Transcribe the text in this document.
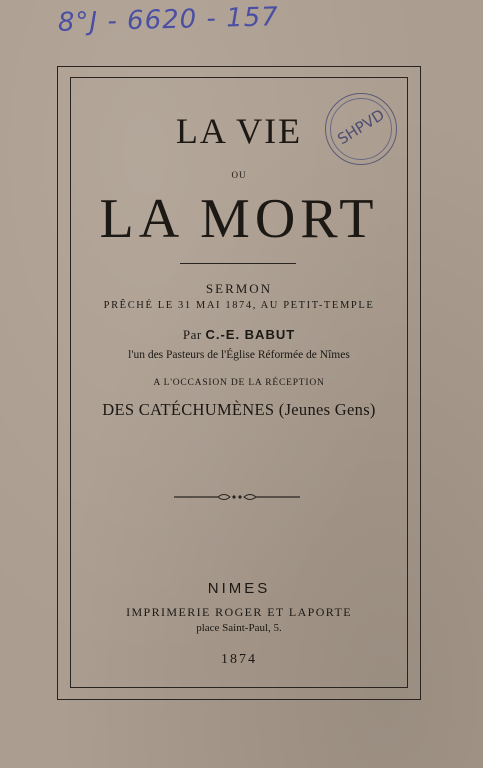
8°J - 6620 - 157
SHPVD
LA VIE
OU
LA MORT
SERMON
PRÊCHÉ LE 31 MAI 1874, AU PETIT-TEMPLE
Par C.-E. BABUT
l'un des Pasteurs de l'Église Réformée de Nîmes
A L'OCCASION DE LA RÉCEPTION
DES CATÉCHUMÈNES (Jeunes Gens)
NIMES
IMPRIMERIE ROGER ET LAPORTE
place Saint-Paul, 5.
1874
